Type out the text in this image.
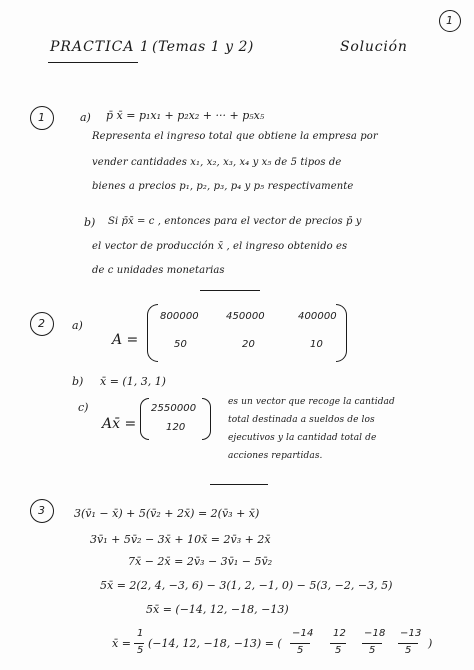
1
PRACTICA 1 (Temas 1 y 2)	Solución
1	a) p̄ x̄ = p₁x₁ + p₂x₂ + ··· + p₅x₅
Representa el ingreso total que obtiene la empresa por
vender cantidades x₁, x₂, x₃, x₄ y x₅ de 5 tipos de
bienes a precios p₁, p₂, p₃, p₄ y p₅ respectivamente
b) Si p̄x̄ = c , entonces para el vector de precios p̄ y
el vector de producción x̄ , el ingreso obtenido es
de c unidades monetarias
2 a)
A =
800000	450000	400000
50	20	10
b) x̄ = (1, 3, 1)
c)
Ax̄ =
2550000
120
es un vector que recoge la cantidad
total destinada a sueldos de los
ejecutivos y la cantidad total de
acciones repartidas.
3	3(v̄₁ − x̄) + 5(v̄₂ + 2x̄) = 2(v̄₃ + x̄)
3v̄₁ + 5v̄₂ − 3x̄ + 10x̄ = 2v̄₃ + 2x̄
7x̄ − 2x̄ = 2v̄₃ − 3v̄₁ − 5v̄₂
5x̄ = 2(2, 4, −3, 6) − 3(1, 2, −1, 0) − 5(3, −2, −3, 5)
5x̄ = (−14, 12, −18, −13)
x̄ =
1
5
(−14, 12, −18, −13) = (
−14
5
12
5
−18
5
−13
5
)
